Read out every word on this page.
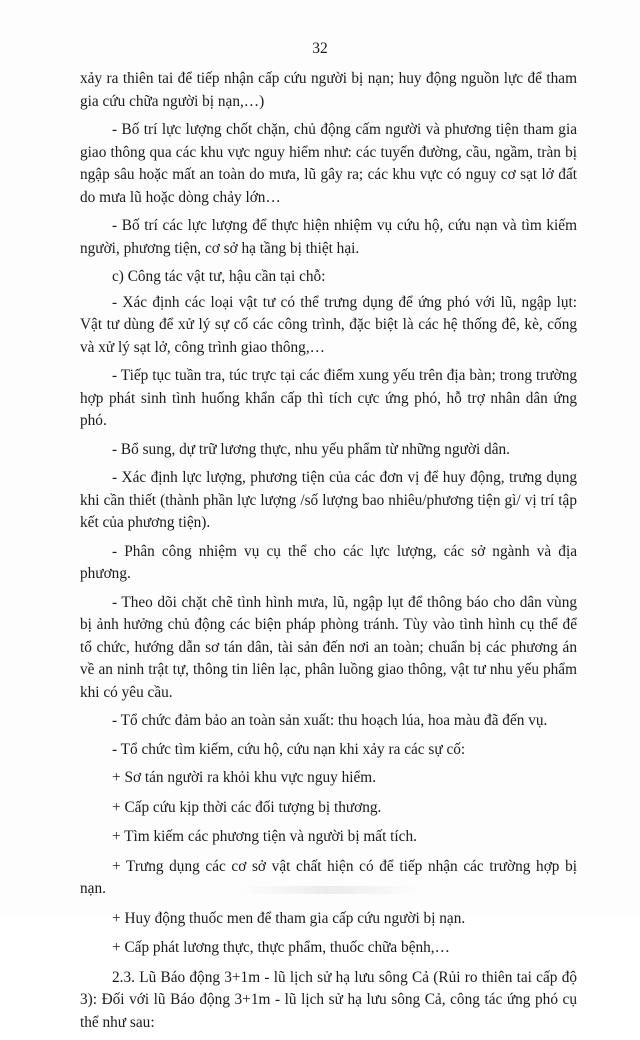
32

xảy ra thiên tai để tiếp nhận cấp cứu người bị nạn; huy động nguồn lực để tham gia cứu chữa người bị nạn,…)

- Bố trí lực lượng chốt chặn, chủ động cấm người và phương tiện tham gia giao thông qua các khu vực nguy hiểm như: các tuyến đường, cầu, ngầm, tràn bị ngập sâu hoặc mất an toàn do mưa, lũ gây ra; các khu vực có nguy cơ sạt lở đất do mưa lũ hoặc dòng chảy lớn…

- Bố trí các lực lượng để thực hiện nhiệm vụ cứu hộ, cứu nạn và tìm kiếm người, phương tiện, cơ sở hạ tầng bị thiệt hại.

c) Công tác vật tư, hậu cần tại chỗ:

- Xác định các loại vật tư có thể trưng dụng để ứng phó với lũ, ngập lụt: Vật tư dùng để xử lý sự cố các công trình, đặc biệt là các hệ thống đê, kè, cống và xử lý sạt lở, công trình giao thông,…

- Tiếp tục tuần tra, túc trực tại các điểm xung yếu trên địa bàn; trong trường hợp phát sinh tình huống khẩn cấp thì tích cực ứng phó, hỗ trợ nhân dân ứng phó.

- Bổ sung, dự trữ lương thực, nhu yếu phẩm từ những người dân.

- Xác định lực lượng, phương tiện của các đơn vị để huy động, trưng dụng khi cần thiết (thành phần lực lượng /số lượng bao nhiêu/phương tiện gì/ vị trí tập kết của phương tiện).

- Phân công nhiệm vụ cụ thể cho các lực lượng, các sở ngành và địa phương.

- Theo dõi chặt chẽ tình hình mưa, lũ, ngập lụt để thông báo cho dân vùng bị ảnh hưởng chủ động các biện pháp phòng tránh. Tùy vào tình hình cụ thể để tổ chức, hướng dẫn sơ tán dân, tài sản đến nơi an toàn; chuẩn bị các phương án về an ninh trật tự, thông tin liên lạc, phân luồng giao thông, vật tư nhu yếu phẩm khi có yêu cầu.

- Tổ chức đảm bảo an toàn sản xuất: thu hoạch lúa, hoa màu đã đến vụ.

- Tổ chức tìm kiếm, cứu hộ, cứu nạn khi xảy ra các sự cố:

+ Sơ tán người ra khỏi khu vực nguy hiểm.

+ Cấp cứu kịp thời các đối tượng bị thương.

+ Tìm kiếm các phương tiện và người bị mất tích.

+ Trưng dụng các cơ sở vật chất hiện có để tiếp nhận các trường hợp bị nạn.

+ Huy động thuốc men để tham gia cấp cứu người bị nạn.

+ Cấp phát lương thực, thực phẩm, thuốc chữa bệnh,…

2.3. Lũ Báo động 3+1m - lũ lịch sử hạ lưu sông Cả (Rủi ro thiên tai cấp độ 3): Đối với lũ Báo động 3+1m - lũ lịch sử hạ lưu sông Cả, công tác ứng phó cụ thể như sau:
